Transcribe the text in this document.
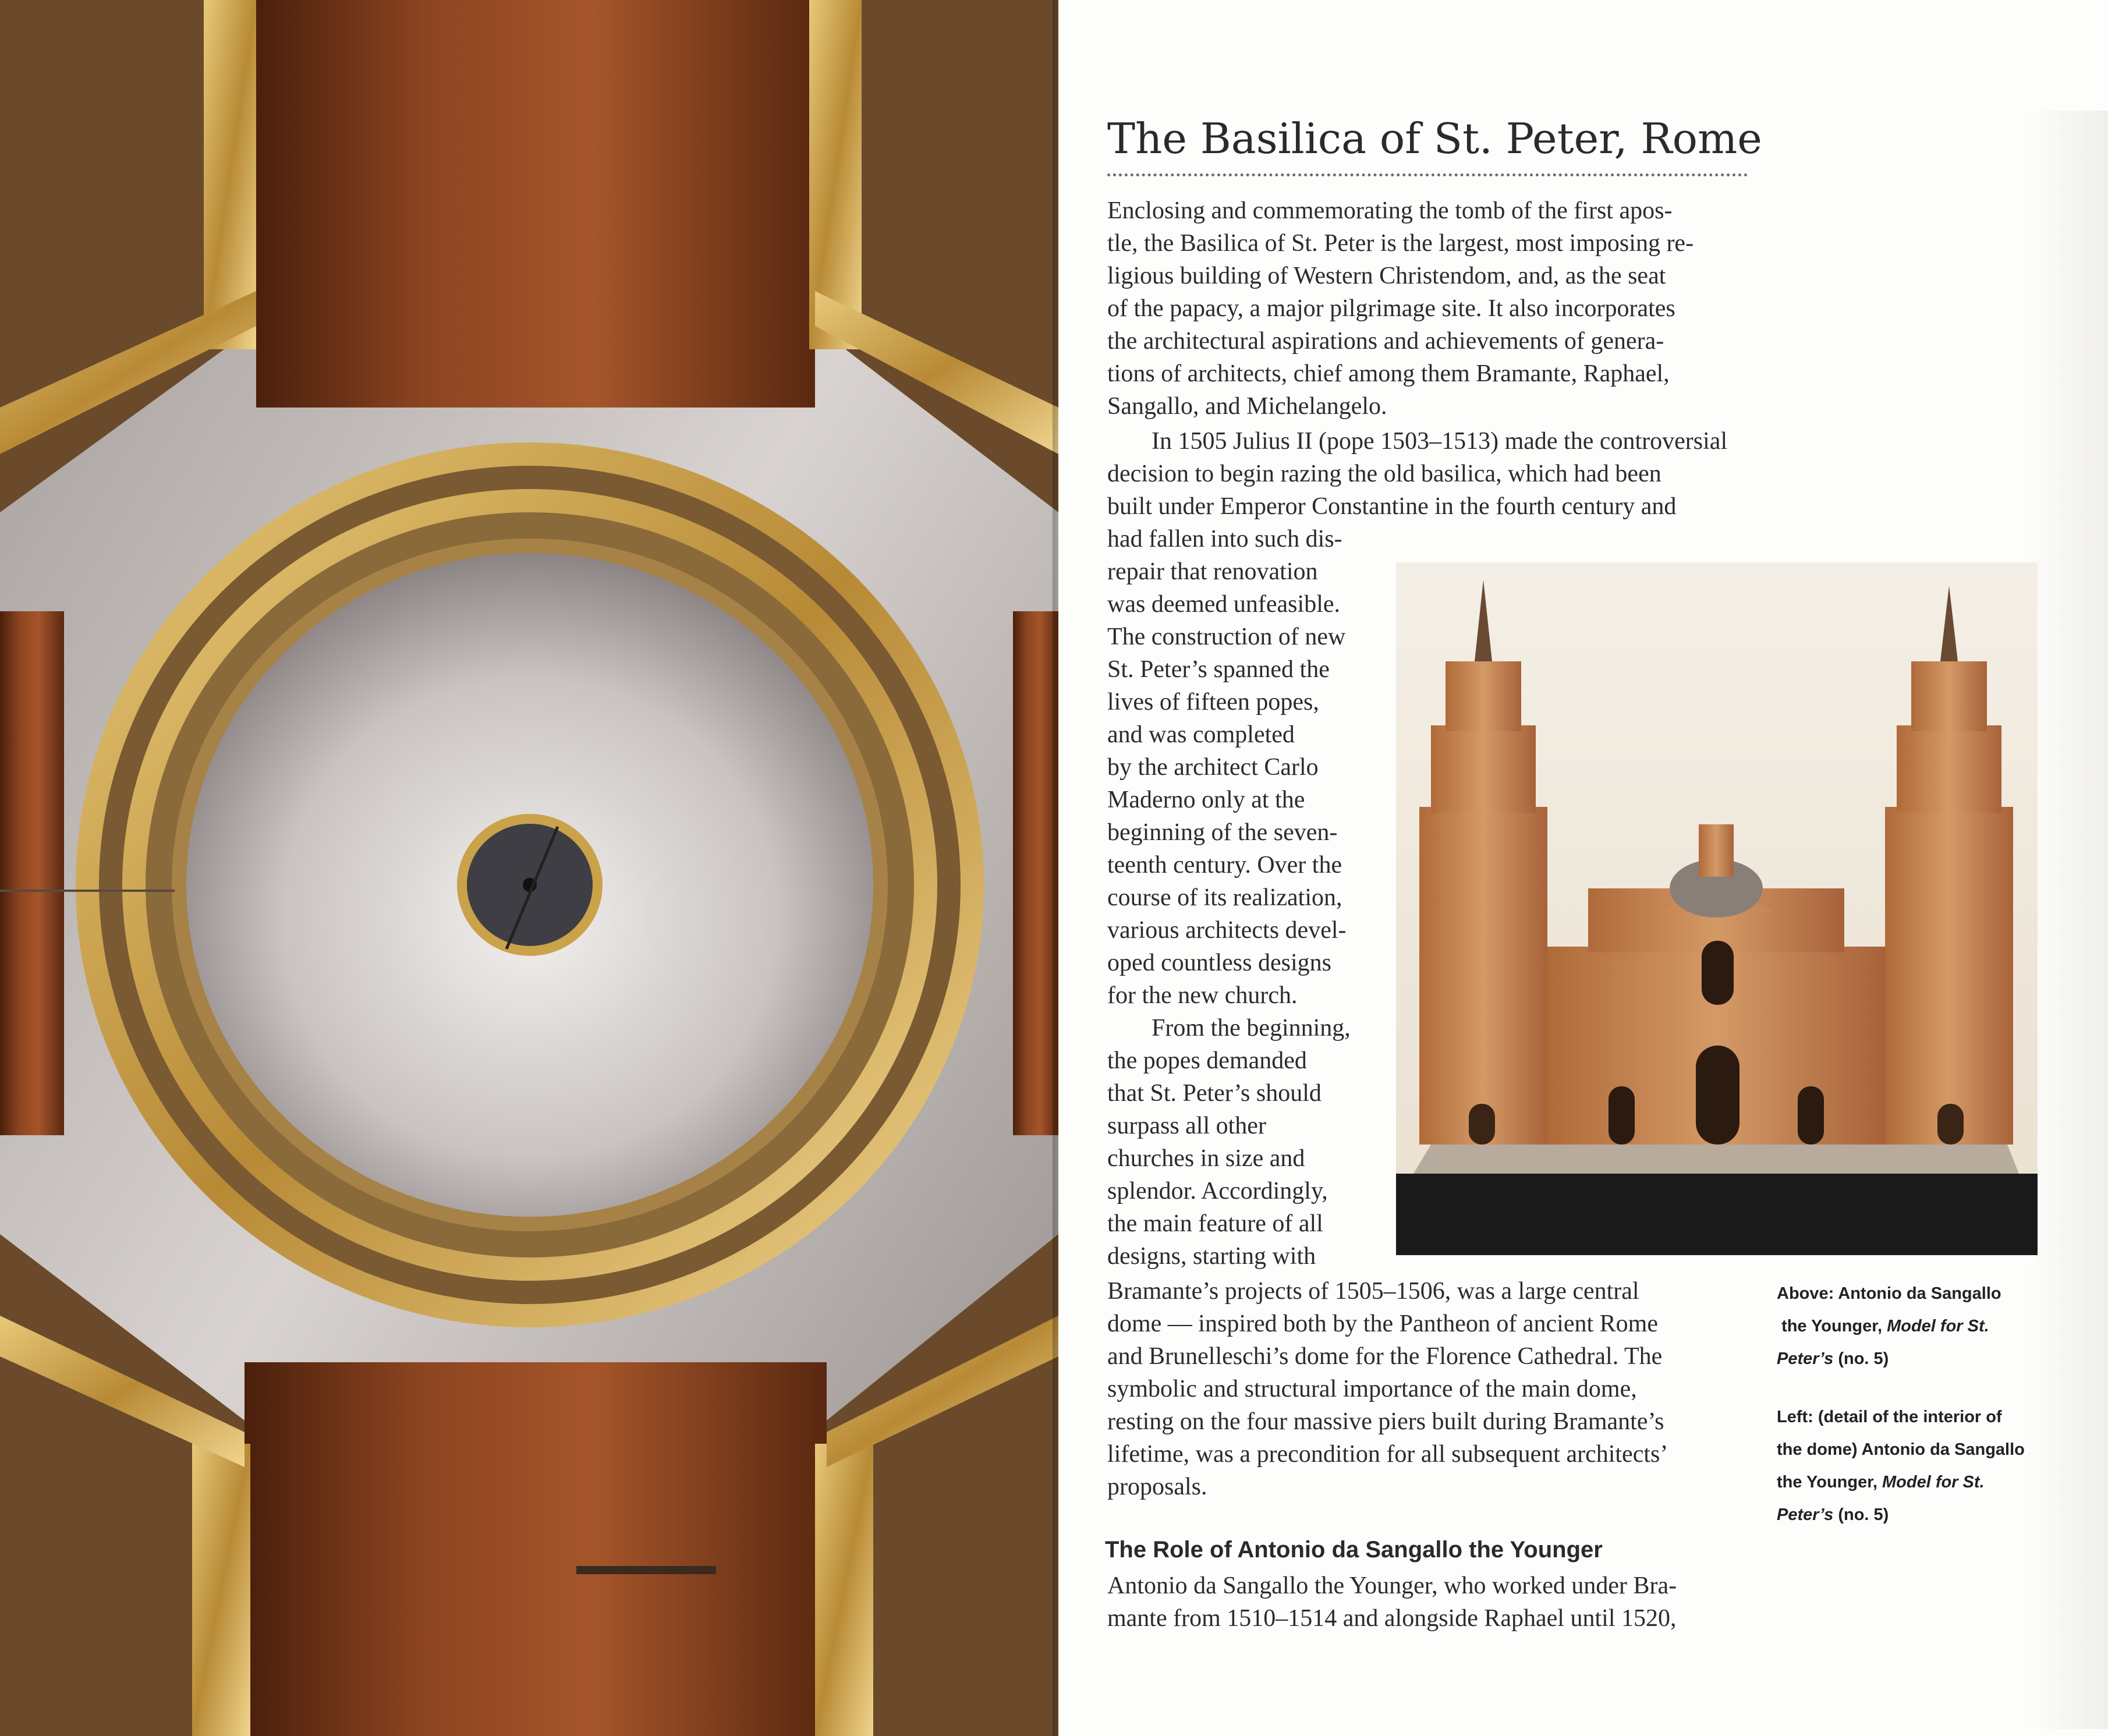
The Basilica of St. Peter, Rome

Enclosing and commemorating the tomb of the first apos-
tle, the Basilica of St. Peter is the largest, most imposing re-
ligious building of Western Christendom, and, as the seat
of the papacy, a major pilgrimage site. It also incorporates
the architectural aspirations and achievements of genera-
tions of architects, chief among them Bramante, Raphael,
Sangallo, and Michelangelo.

In 1505 Julius II (pope 1503–1513) made the controversial
decision to begin razing the old basilica, which had been
built under Emperor Constantine in the fourth century and

had fallen into such dis-
repair that renovation
was deemed unfeasible.
The construction of new
St. Peter’s spanned the
lives of fifteen popes,
and was completed
by the architect Carlo
Maderno only at the
beginning of the seven-
teenth century. Over the
course of its realization,
various architects devel-
oped countless designs
for the new church.
From the beginning,
the popes demanded
that St. Peter’s should
surpass all other
churches in size and
splendor. Accordingly,
the main feature of all
designs, starting with

Bramante’s projects of 1505–1506, was a large central
dome — inspired both by the Pantheon of ancient Rome
and Brunelleschi’s dome for the Florence Cathedral. The
symbolic and structural importance of the main dome,
resting on the four massive piers built during Bramante’s
lifetime, was a precondition for all subsequent architects’
proposals.

The Role of Antonio da Sangallo the Younger

Antonio da Sangallo the Younger, who worked under Bra-
mante from 1510–1514 and alongside Raphael until 1520,

Above: Antonio da Sangallo
the Younger, Model for St.
Peter’s (no. 5)

Left: (detail of the interior of
the dome) Antonio da Sangallo
the Younger, Model for St.
Peter’s (no. 5)
